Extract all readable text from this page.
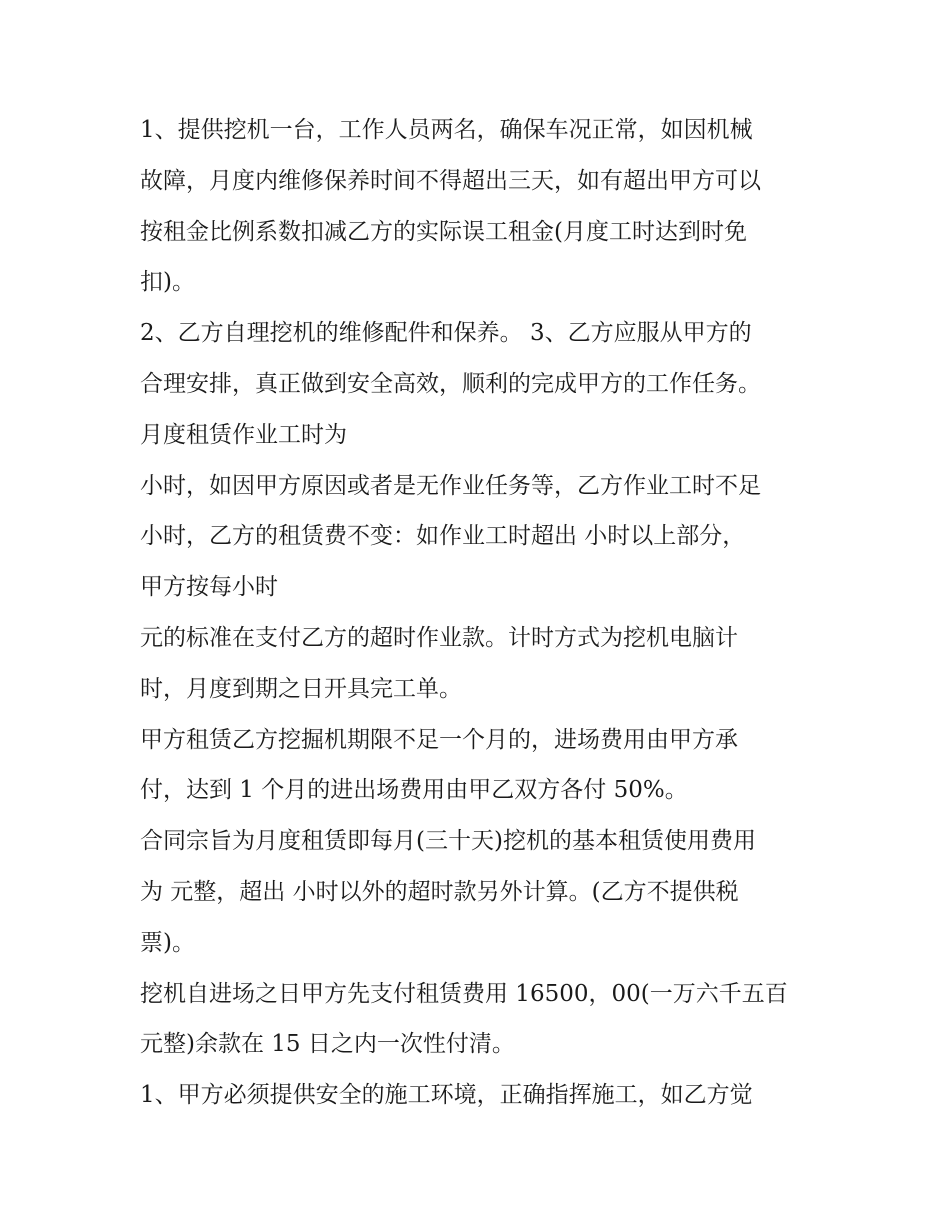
1、提供挖机一台，工作人员两名，确保车况正常，如因机械
故障，月度内维修保养时间不得超出三天，如有超出甲方可以
按租金比例系数扣减乙方的实际误工租金(月度工时达到时免
扣)。
2、乙方自理挖机的维修配件和保养。 3、乙方应服从甲方的
合理安排，真正做到安全高效，顺利的完成甲方的工作任务。
月度租赁作业工时为
小时，如因甲方原因或者是无作业任务等，乙方作业工时不足
小时，乙方的租赁费不变：如作业工时超出 小时以上部分，
甲方按每小时
元的标准在支付乙方的超时作业款。计时方式为挖机电脑计
时，月度到期之日开具完工单。
甲方租赁乙方挖掘机期限不足一个月的，进场费用由甲方承
付，达到 1 个月的进出场费用由甲乙双方各付 50%。
合同宗旨为月度租赁即每月(三十天)挖机的基本租赁使用费用
为 元整，超出 小时以外的超时款另外计算。(乙方不提供税
票)。
挖机自进场之日甲方先支付租赁费用 16500，00(一万六千五百
元整)余款在 15 日之内一次性付清。
1、甲方必须提供安全的施工环境，正确指挥施工，如乙方觉
